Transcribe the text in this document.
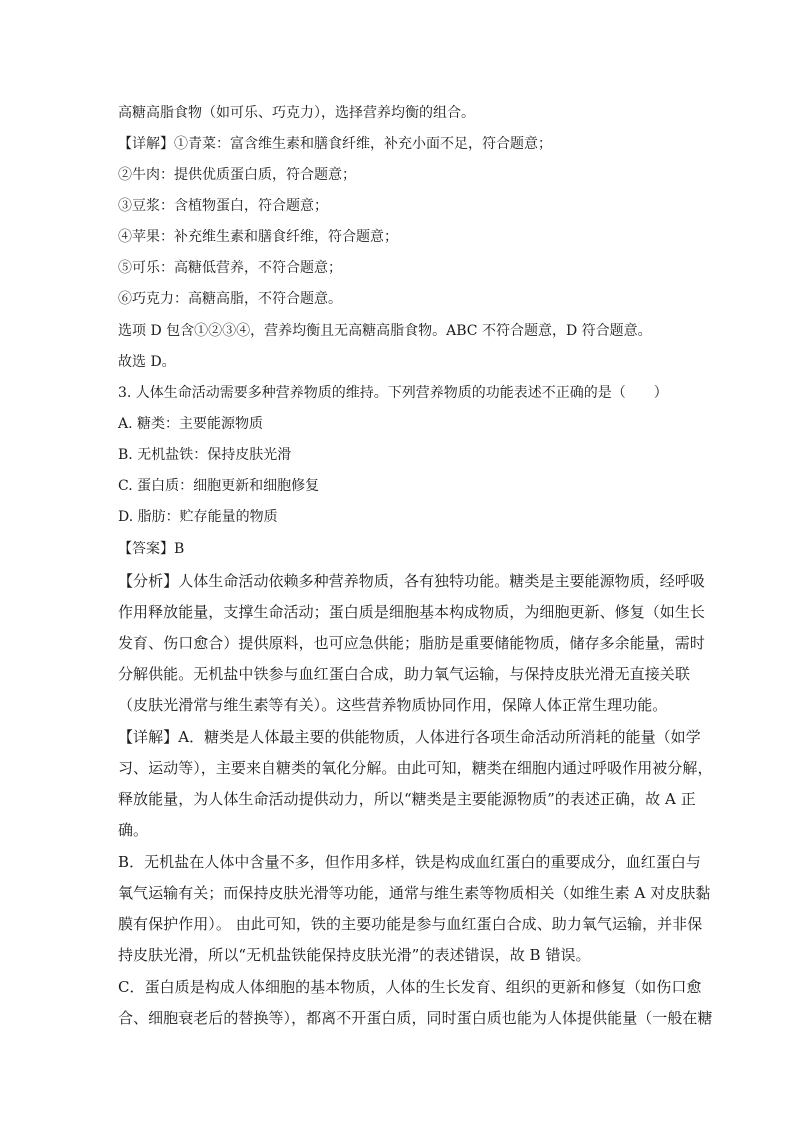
高糖高脂食物（如可乐、巧克力），选择营养均衡的组合。
【详解】①青菜：富含维生素和膳食纤维，补充小面不足，符合题意；
②牛肉：提供优质蛋白质，符合题意；
③豆浆：含植物蛋白，符合题意；
④苹果：补充维生素和膳食纤维，符合题意；
⑤可乐：高糖低营养，不符合题意；
⑥巧克力：高糖高脂，不符合题意。
选项 D 包含①②③④，营养均衡且无高糖高脂食物。ABC 不符合题意，D 符合题意。
故选 D。
3. 人体生命活动需要多种营养物质的维持。下列营养物质的功能表述不正确的是（　　）
A. 糖类：主要能源物质
B. 无机盐铁：保持皮肤光滑
C. 蛋白质：细胞更新和细胞修复
D. 脂肪：贮存能量的物质
【答案】B
【分析】人体生命活动依赖多种营养物质，各有独特功能。糖类是主要能源物质，经呼吸
作用释放能量，支撑生命活动；蛋白质是细胞基本构成物质，为细胞更新、修复（如生长
发育、伤口愈合）提供原料，也可应急供能；脂肪是重要储能物质，储存多余能量，需时
分解供能。无机盐中铁参与血红蛋白合成，助力氧气运输，与保持皮肤光滑无直接关联
（皮肤光滑常与维生素等有关）。这些营养物质协同作用，保障人体正常生理功能。
【详解】A．糖类是人体最主要的供能物质，人体进行各项生命活动所消耗的能量（如学
习、运动等），主要来自糖类的氧化分解。由此可知，糖类在细胞内通过呼吸作用被分解，
释放能量，为人体生命活动提供动力，所以“糖类是主要能源物质”的表述正确，故 A 正
确。
B．无机盐在人体中含量不多，但作用多样，铁是构成血红蛋白的重要成分，血红蛋白与
氧气运输有关；而保持皮肤光滑等功能，通常与维生素等物质相关（如维生素 A 对皮肤黏
膜有保护作用）。 由此可知，铁的主要功能是参与血红蛋白合成、助力氧气运输，并非保
持皮肤光滑，所以“无机盐铁能保持皮肤光滑”的表述错误，故 B 错误。
C．蛋白质是构成人体细胞的基本物质，人体的生长发育、组织的更新和修复（如伤口愈
合、细胞衰老后的替换等），都离不开蛋白质，同时蛋白质也能为人体提供能量（一般在糖
